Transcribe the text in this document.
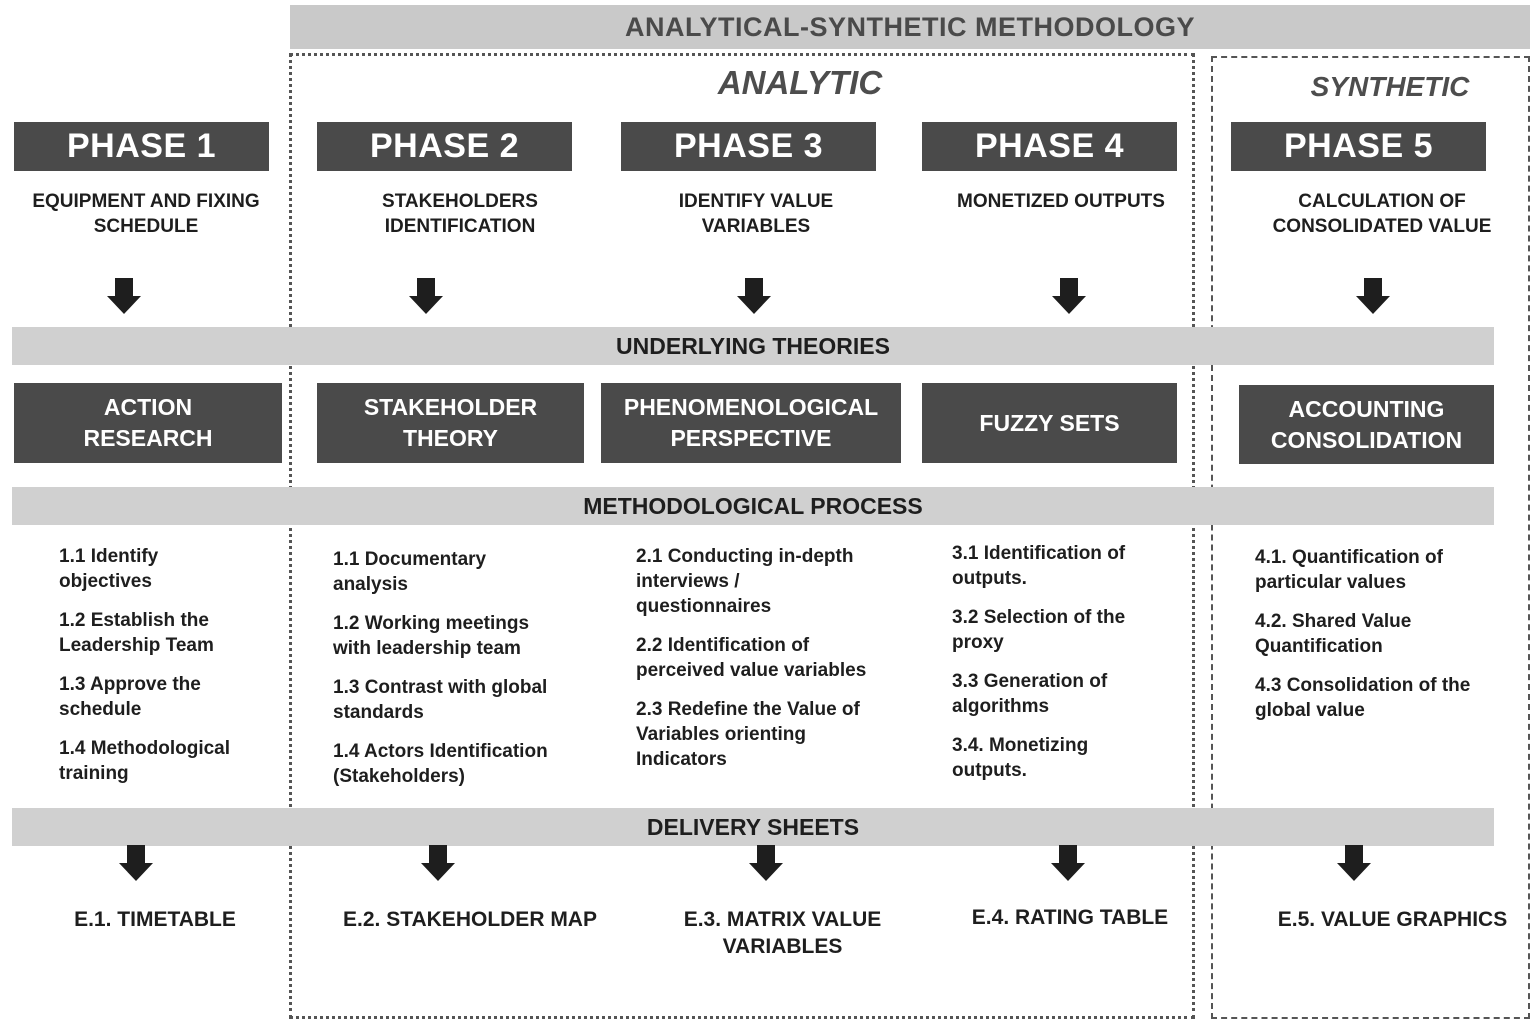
ANALYTICAL-SYNTHETIC METHODOLOGY
ANALYTIC	SYNTHETIC
PHASE 1	PHASE 2	PHASE 3	PHASE 4	PHASE 5
EQUIPMENT AND FIXING
SCHEDULE
STAKEHOLDERS
IDENTIFICATION
IDENTIFY VALUE
VARIABLES
MONETIZED OUTPUTS	CALCULATION OF
CONSOLIDATED VALUE
UNDERLYING THEORIES
ACTION
RESEARCH
STAKEHOLDER
THEORY
PHENOMENOLOGICAL
PERSPECTIVE
FUZZY SETS
ACCOUNTING
CONSOLIDATION
METHODOLOGICAL PROCESS
1.1 Identify
objectives
1.2 Establish the
Leadership Team
1.3 Approve the
schedule
1.4 Methodological
training
1.1 Documentary
analysis
1.2 Working meetings
with leadership team
1.3 Contrast with global
standards
1.4 Actors Identification
(Stakeholders)
2.1 Conducting in-depth
interviews /
questionnaires
2.2 Identification of
perceived value variables
2.3 Redefine the Value of
Variables orienting
Indicators
3.1 Identification of
outputs.
3.2 Selection of the
proxy
3.3 Generation of
algorithms
3.4. Monetizing
outputs.
4.1. Quantification of
particular values
4.2. Shared Value
Quantification
4.3 Consolidation of the
global value
DELIVERY SHEETS
E.1. TIMETABLE	E.2. STAKEHOLDER MAP	E.3. MATRIX VALUE
VARIABLES
E.4. RATING TABLE	E.5. VALUE GRAPHICS
